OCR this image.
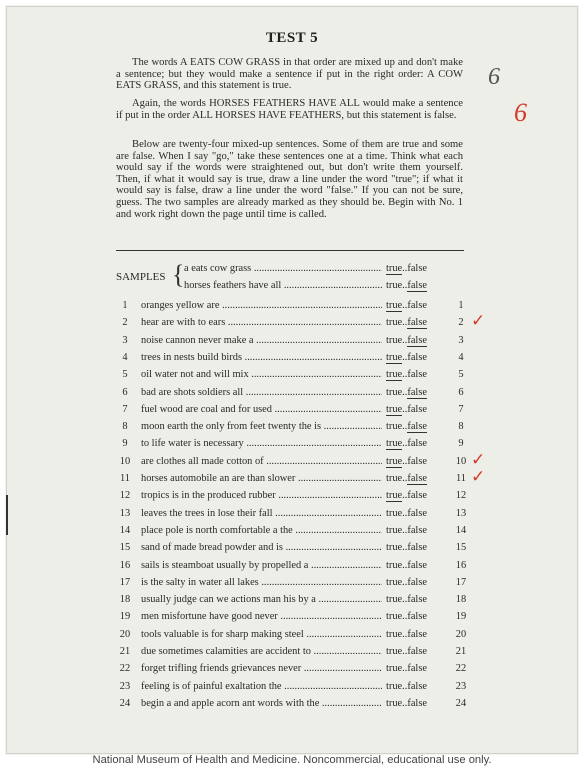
TEST 5
The words A EATS COW GRASS in that order are mixed up and don't make a sentence; but they would make a sentence if put in the right order: A COW EATS GRASS, and this statement is true.
Again, the words HORSES FEATHERS HAVE ALL would make a sentence if put in the order ALL HORSES HAVE FEATHERS, but this statement is false.
Below are twenty-four mixed-up sentences. Some of them are true and some are false. When I say "go," take these sentences one at a time. Think what each would say if the words were straightened out, but don't write them yourself. Then, if what it would say is true, draw a line under the word "true"; if what it would say is false, draw a line under the word "false." If you can not be sure, guess. The two samples are already marked as they should be. Begin with No. 1 and work right down the page until time is called.
6
6
SAMPLES { a eats cow grass .....	true..false
horses feathers have all .....	true..false
1	oranges yellow are .....	true..false	1
2	hear are with to ears .....	true..false	2 ✓
3	noise cannon never make a .....	true..false	3
4	trees in nests build birds .....	true..false	4
5	oil water not and will mix .....	true..false	5
6	bad are shots soldiers all .....	true..false	6
7	fuel wood are coal and for used .....	true..false	7
8	moon earth the only from feet twenty the is .....	true..false	8
9	to life water is necessary .....	true..false	9
10	are clothes all made cotton of .....	true..false	10 ✓
11	horses automobile an are than slower .....	true..false	11 ✓
12	tropics is in the produced rubber .....	true..false	12
13	leaves the trees in lose their fall .....	true..false	13
14	place pole is north comfortable a the .....	true..false	14
15	sand of made bread powder and is .....	true..false	15
16	sails is steamboat usually by propelled a .....	true..false	16
17	is the salty in water all lakes .....	true..false	17
18	usually judge can we actions man his by a .....	true..false	18
19	men misfortune have good never .....	true..false	19
20	tools valuable is for sharp making steel .....	true..false	20
21	due sometimes calamities are accident to .....	true..false	21
22	forget trifling friends grievances never .....	true..false	22
23	feeling is of painful exaltation the .....	true..false	23
24	begin a and apple acorn ant words with the .....	true..false	24
National Museum of Health and Medicine. Noncommercial, educational use only.
